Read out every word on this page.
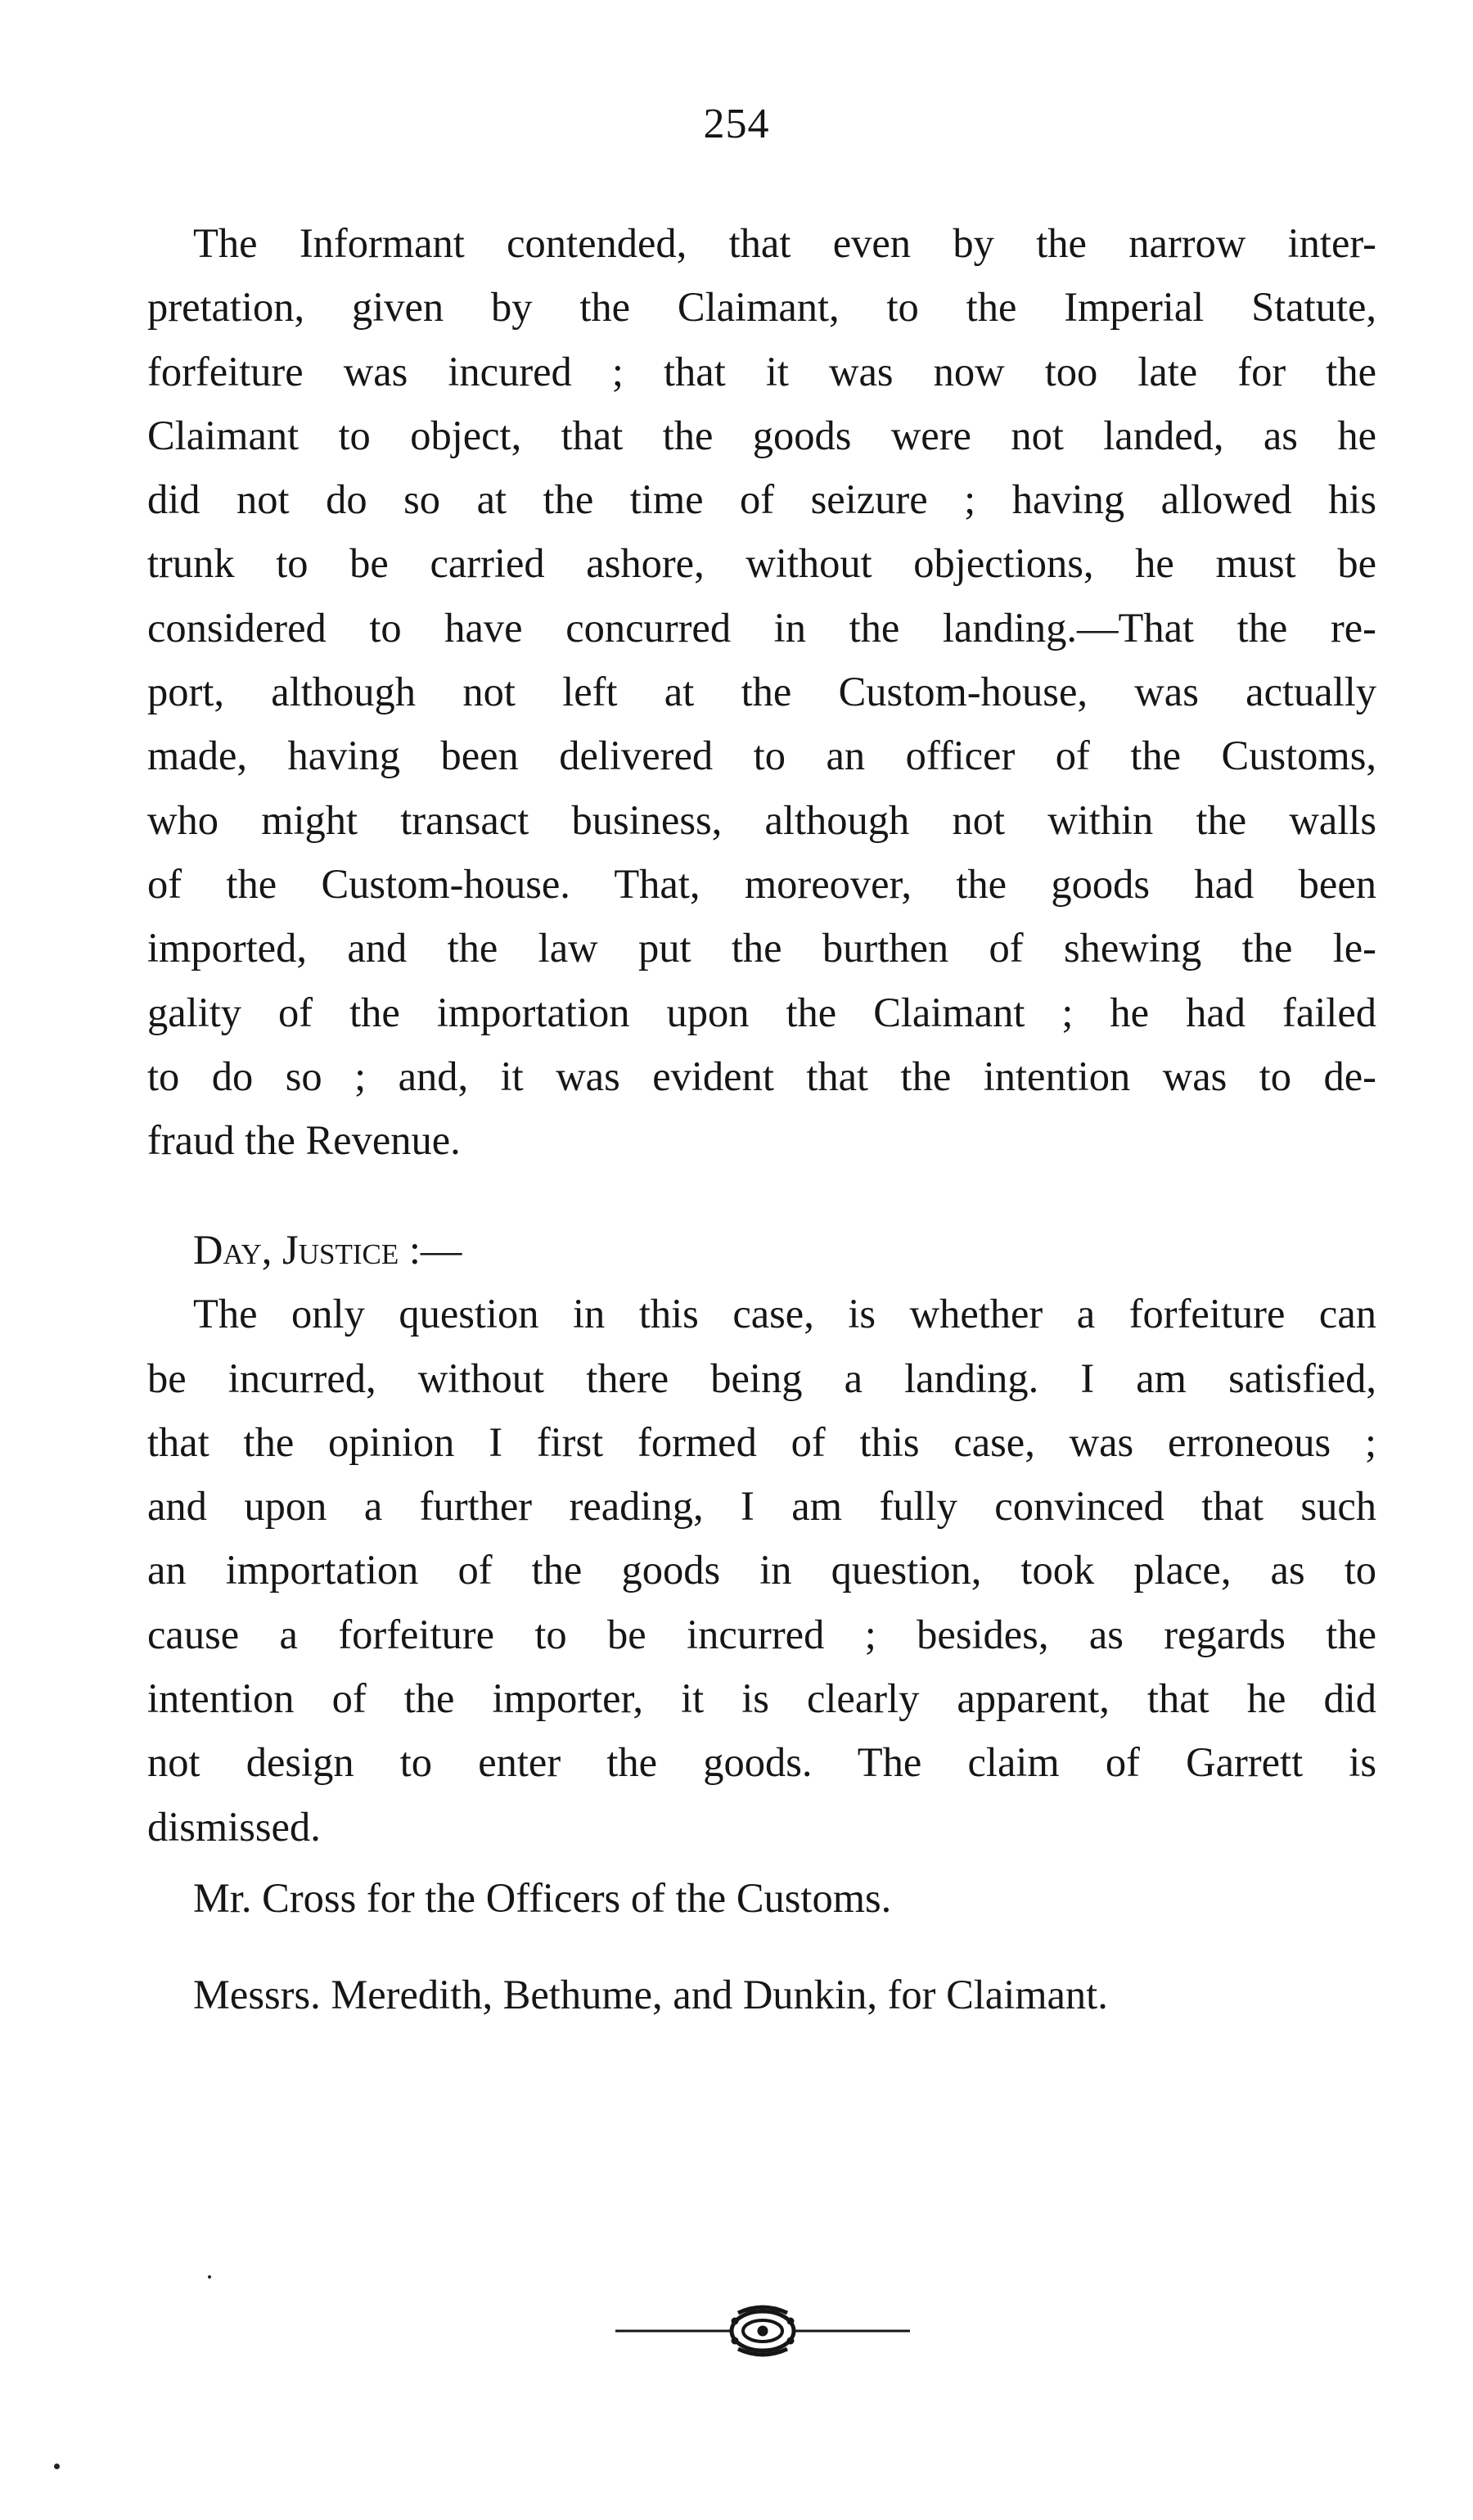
254
The Informant contended, that even by the narrow inter-
pretation, given by the Claimant, to the Imperial Statute,
forfeiture was incured ; that it was now too late for the
Claimant to object, that the goods were not landed, as he
did not do so at the time of seizure ; having allowed his
trunk to be carried ashore, without objections, he must be
considered to have concurred in the landing.—That the re-
port, although not left at the Custom-house, was actually
made, having been delivered to an officer of the Customs,
who might transact business, although not within the walls
of the Custom-house. That, moreover, the goods had been
imported, and the law put the burthen of shewing the le-
gality of the importation upon the Claimant ; he had failed
to do so ; and, it was evident that the intention was to de-
fraud the Revenue.
Day, Justice :—
The only question in this case, is whether a forfeiture can
be incurred, without there being a landing. I am satisfied,
that the opinion I first formed of this case, was erroneous ;
and upon a further reading, I am fully convinced that such
an importation of the goods in question, took place, as to
cause a forfeiture to be incurred ; besides, as regards the
intention of the importer, it is clearly apparent, that he did
not design to enter the goods. The claim of Garrett is
dismissed.
Mr. Cross for the Officers of the Customs.
Messrs. Meredith, Bethume, and Dunkin, for Claimant.
